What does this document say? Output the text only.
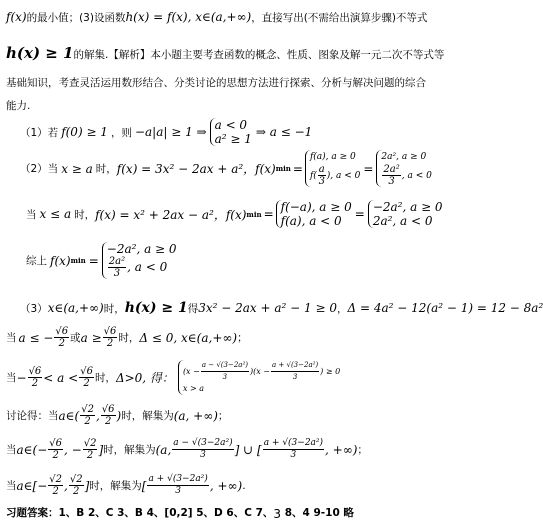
f(x)的最小值；(3)设函数h(x) = f(x), x∈(a,+∞)，直接写出(不需给出演算步骤)不等式
h(x) ≥ 1的解集.【解析】本小题主要考查函数的概念、性质、图象及解一元二次不等式等
基础知识，考查灵活运用数形结合、分类讨论的思想方法进行探索、分析与解决问题的综合
能力.
（1）若 f(0) ≥ 1 ，则 −a|a| ≥ 1 ⇒ a < 0
a² ≥ 1 ⇒ a ≤ −1
（2）当 x ≥ a 时， f(x) = 3x² − 2ax + a²，f(x) min =
f(a), a ≥ 0
$f( \frac{a}{3}$ ), a < 0
=
2a², a ≥ 0
$\frac{\text{2a²}}{3}$ , a < 0
当 x ≤ a 时， f(x) = x² + 2ax − a²，f(x) min = f(−a), a ≥ 0
f(a), a < 0	= −2a², a ≥ 0
2a², a < 0
综上 f(x) min =
−2a², a ≥ 0
$\frac{\text{2a²}}{3}$ , a < 0
（3） x∈(a,+∞) 时， h(x) ≥ 1 得 3x² − 2ax + a² − 1 ≥ 0 ， Δ = 4a² − 12(a² − 1) = 12 − 8a²
当 a ≤ − $\frac{√6}{2}$ 或 $a \ge \frac{√6}{2}$ 时， Δ ≤ 0, x∈(a,+∞) ；
当 − $\frac{√6}{2} < a < \frac{√6}{2}$ 时， Δ>0, 得： $(x - \frac{\text{a − √(3−2a²)}}{3} )(x - \frac{\text{a + √(3−2a²)}}{3}$ ) ≥ 0
x > a
讨论得：当 a∈( $\frac{√2}{2}$ , $\frac{√6}{2}$ ) 时，解集为 (a, +∞) ；
当 a∈(− $\frac{√6}{2}$ , − $\frac{√2}{2}$ ] 时，解集为 (a, $\frac{\text{a − √(3−2a²)}}{3}$ ] ∪ [ $\frac{\text{a + √(3−2a²)}}{3}$ , +∞) ；
当 a∈[− $\frac{√2}{2}$ , $\frac{√2}{2}$ ] 时，解集为 [ $\frac{\text{a + √(3−2a²)}}{3}$ , +∞) .
习题答案：1、B 2、C 3、B 4、[0,2] 5、D 6、C 7、3 8、4 9-10 略
